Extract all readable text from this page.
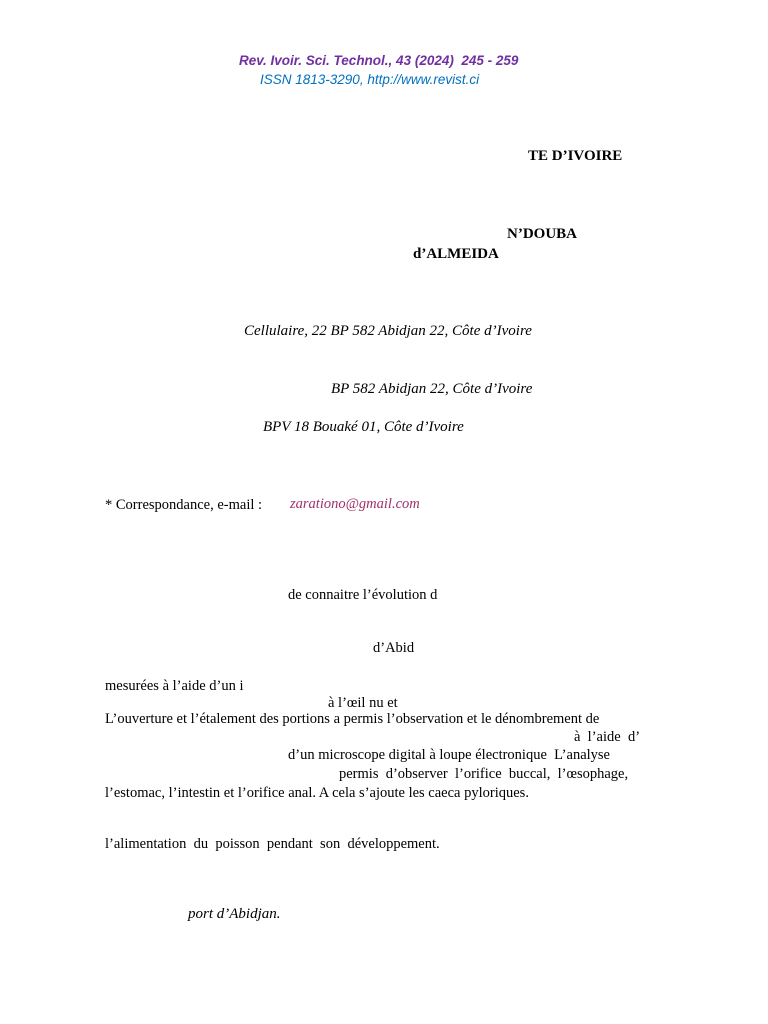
Rev. Ivoir. Sci. Technol., 43 (2024)  245 - 259
ISSN 1813-3290, http://www.revist.ci
TE D’IVOIRE
N’DOUBA
d’ALMEIDA
Cellulaire, 22 BP 582 Abidjan 22, Côte d’Ivoire
BP 582 Abidjan 22, Côte d’Ivoire
BPV 18 Bouaké 01, Côte d’Ivoire
* Correspondance, e-mail : zarationo@gmail.com
de connaitre l’évolution d
d’Abid
mesurées à l’aide d’un i
à l’œil nu et
L’ouverture et l’étalement des portions a permis l’observation et le dénombrement de
à  l’aide  d’
d’un microscope digital à loupe électronique  L’analyse
permis  d’observer  l’orifice  buccal,  l’œsophage,
l’estomac, l’intestin et l’orifice anal. A cela s’ajoute les caeca pyloriques.
l’alimentation  du  poisson  pendant  son  développement.
port d’Abidjan.
